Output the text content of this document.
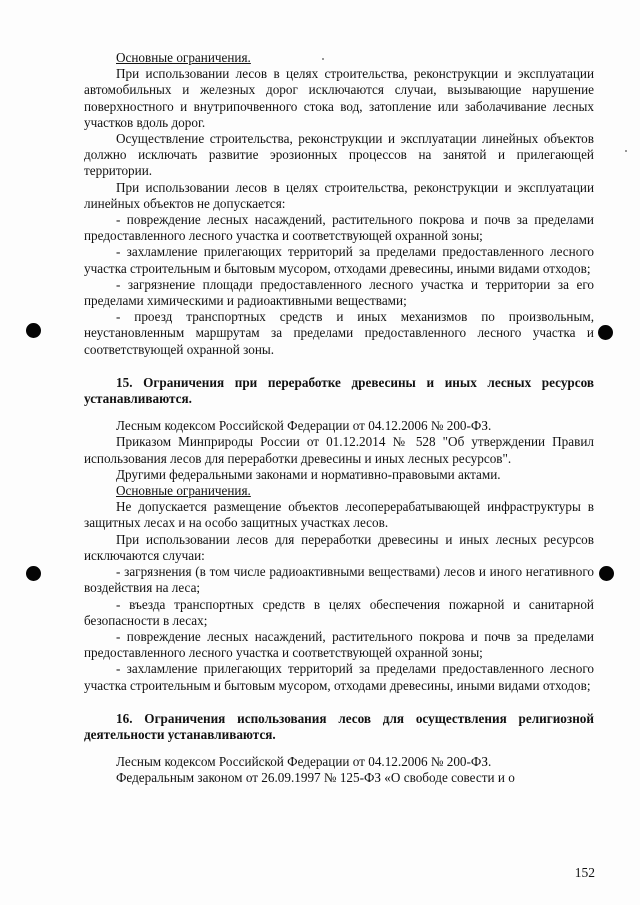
Основные ограничения.

При использовании лесов в целях строительства, реконструкции и эксплуатации автомобильных и железных дорог исключаются случаи, вызывающие нарушение поверхностного и внутрипочвенного стока вод, затопление или заболачивание лесных участков вдоль дорог.

Осуществление строительства, реконструкции и эксплуатации линейных объектов должно исключать развитие эрозионных процессов на занятой и прилегающей территории.

При использовании лесов в целях строительства, реконструкции и эксплуатации линейных объектов не допускается:

- повреждение лесных насаждений, растительного покрова и почв за пределами предоставленного лесного участка и соответствующей охранной зоны;

- захламление прилегающих территорий за пределами предоставленного лесного участка строительным и бытовым мусором, отходами древесины, иными видами отходов;

- загрязнение площади предоставленного лесного участка и территории за его пределами химическими и радиоактивными веществами;

- проезд транспортных средств и иных механизмов по произвольным, неустановленным маршрутам за пределами предоставленного лесного участка и соответствующей охранной зоны.

15. Ограничения при переработке древесины и иных лесных ресурсов устанавливаются.

Лесным кодексом Российской Федерации от 04.12.2006 № 200-ФЗ.

Приказом Минприроды России от 01.12.2014 № 528 "Об утверждении Правил использования лесов для переработки древесины и иных лесных ресурсов".

Другими федеральными законами и нормативно-правовыми актами.

Основные ограничения.

Не допускается размещение объектов лесоперерабатывающей инфраструктуры в защитных лесах и на особо защитных участках лесов.

При использовании лесов для переработки древесины и иных лесных ресурсов исключаются случаи:

- загрязнения (в том числе радиоактивными веществами) лесов и иного негативного воздействия на леса;

- въезда транспортных средств в целях обеспечения пожарной и санитарной безопасности в лесах;

- повреждение лесных насаждений, растительного покрова и почв за пределами предоставленного лесного участка и соответствующей охранной зоны;

- захламление прилегающих территорий за пределами предоставленного лесного участка строительным и бытовым мусором, отходами древесины, иными видами отходов;

16. Ограничения использования лесов для осуществления религиозной деятельности устанавливаются.

Лесным кодексом Российской Федерации от 04.12.2006 № 200-ФЗ.

Федеральным законом от 26.09.1997 № 125-ФЗ «О свободе совести и о

152
